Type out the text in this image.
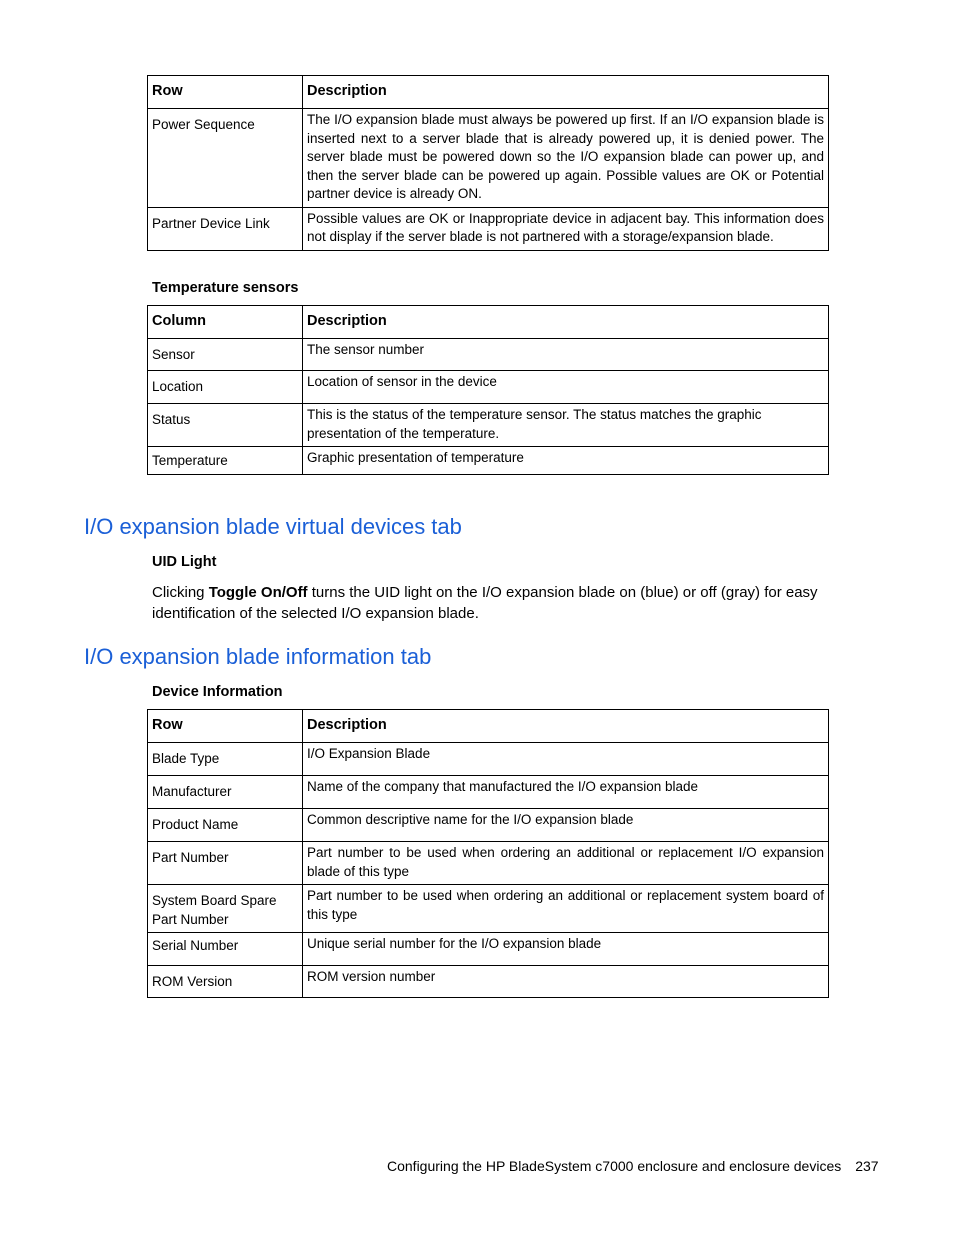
Row	Description
Power Sequence	The I/O expansion blade must always be powered up first. If an I/O expansion blade is inserted next to a server blade that is already powered up, it is denied power. The server blade must be powered down so the I/O expansion blade can power up, and then the server blade can be powered up again. Possible values are OK or Potential partner device is already ON.
Partner Device Link	Possible values are OK or Inappropriate device in adjacent bay. This information does not display if the server blade is not partnered with a storage/expansion blade.
Temperature sensors
Column	Description
Sensor	The sensor number
Location	Location of sensor in the device
Status	This is the status of the temperature sensor. The status matches the graphic presentation of the temperature.
Temperature	Graphic presentation of temperature
I/O expansion blade virtual devices tab
UID Light

Clicking Toggle On/Off turns the UID light on the I/O expansion blade on (blue) or off (gray) for easy identification of the selected I/O expansion blade.

I/O expansion blade information tab
Device Information
Row	Description
Blade Type	I/O Expansion Blade
Manufacturer	Name of the company that manufactured the I/O expansion blade
Product Name	Common descriptive name for the I/O expansion blade
Part Number	Part number to be used when ordering an additional or replacement I/O expansion blade of this type
System Board Spare Part Number	Part number to be used when ordering an additional or replacement system board of this type
Serial Number	Unique serial number for the I/O expansion blade
ROM Version	ROM version number
Configuring the HP BladeSystem c7000 enclosure and enclosure devices 237
